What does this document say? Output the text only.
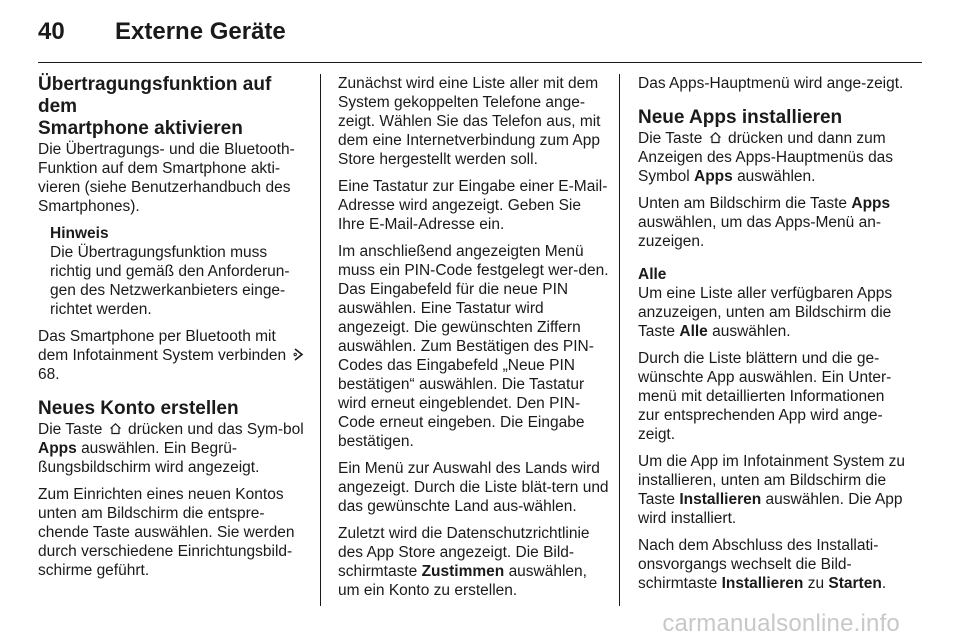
40	Externe Geräte
Übertragungsfunktion auf dem
Smartphone aktivieren

Die Übertragungs- und die Bluetooth-Funktion auf dem Smartphone akti-vieren (siehe Benutzerhandbuch des Smartphones).

Hinweis
Die Übertragungsfunktion muss richtig und gemäß den Anforderun-gen des Netzwerkanbieters einge-richtet werden.

Das Smartphone per Bluetooth mit dem Infotainment System verbinden  68.

Neues Konto erstellen

Die Taste drücken und das Sym-bol Apps auswählen. Ein Begrü-ßungsbildschirm wird angezeigt.

Zum Einrichten eines neuen Kontos unten am Bildschirm die entspre-chende Taste auswählen. Sie werden durch verschiedene Einrichtungsbild-schirme geführt.

Zunächst wird eine Liste aller mit dem System gekoppelten Telefone ange-zeigt. Wählen Sie das Telefon aus, mit dem eine Internetverbindung zum App Store hergestellt werden soll.

Eine Tastatur zur Eingabe einer E-Mail-Adresse wird angezeigt. Geben Sie Ihre E-Mail-Adresse ein.

Im anschließend angezeigten Menü muss ein PIN-Code festgelegt wer-den. Das Eingabefeld für die neue PIN auswählen. Eine Tastatur wird angezeigt. Die gewünschten Ziffern auswählen. Zum Bestätigen des PIN-Codes das Eingabefeld „Neue PIN bestätigen“ auswählen. Die Tastatur wird erneut eingeblendet. Den PIN-Code erneut eingeben. Die Eingabe bestätigen.

Ein Menü zur Auswahl des Lands wird angezeigt. Durch die Liste blät-tern und das gewünschte Land aus-wählen.

Zuletzt wird die Datenschutzrichtlinie des App Store angezeigt. Die Bild-schirmtaste Zustimmen auswählen, um ein Konto zu erstellen.

Das Apps-Hauptmenü wird ange-zeigt.

Neue Apps installieren

Die Taste drücken und dann zum Anzeigen des Apps-Hauptmenüs das Symbol Apps auswählen.

Unten am Bildschirm die Taste Apps auswählen, um das Apps-Menü an-zuzeigen.

Alle

Um eine Liste aller verfügbaren Apps anzuzeigen, unten am Bildschirm die Taste Alle auswählen.

Durch die Liste blättern und die ge-wünschte App auswählen. Ein Unter-menü mit detaillierten Informationen zur entsprechenden App wird ange-zeigt.

Um die App im Infotainment System zu installieren, unten am Bildschirm die Taste Installieren auswählen. Die App wird installiert.

Nach dem Abschluss des Installati-onsvorgangs wechselt die Bild-schirmtaste Installieren zu Starten.

carmanualsonline.info
